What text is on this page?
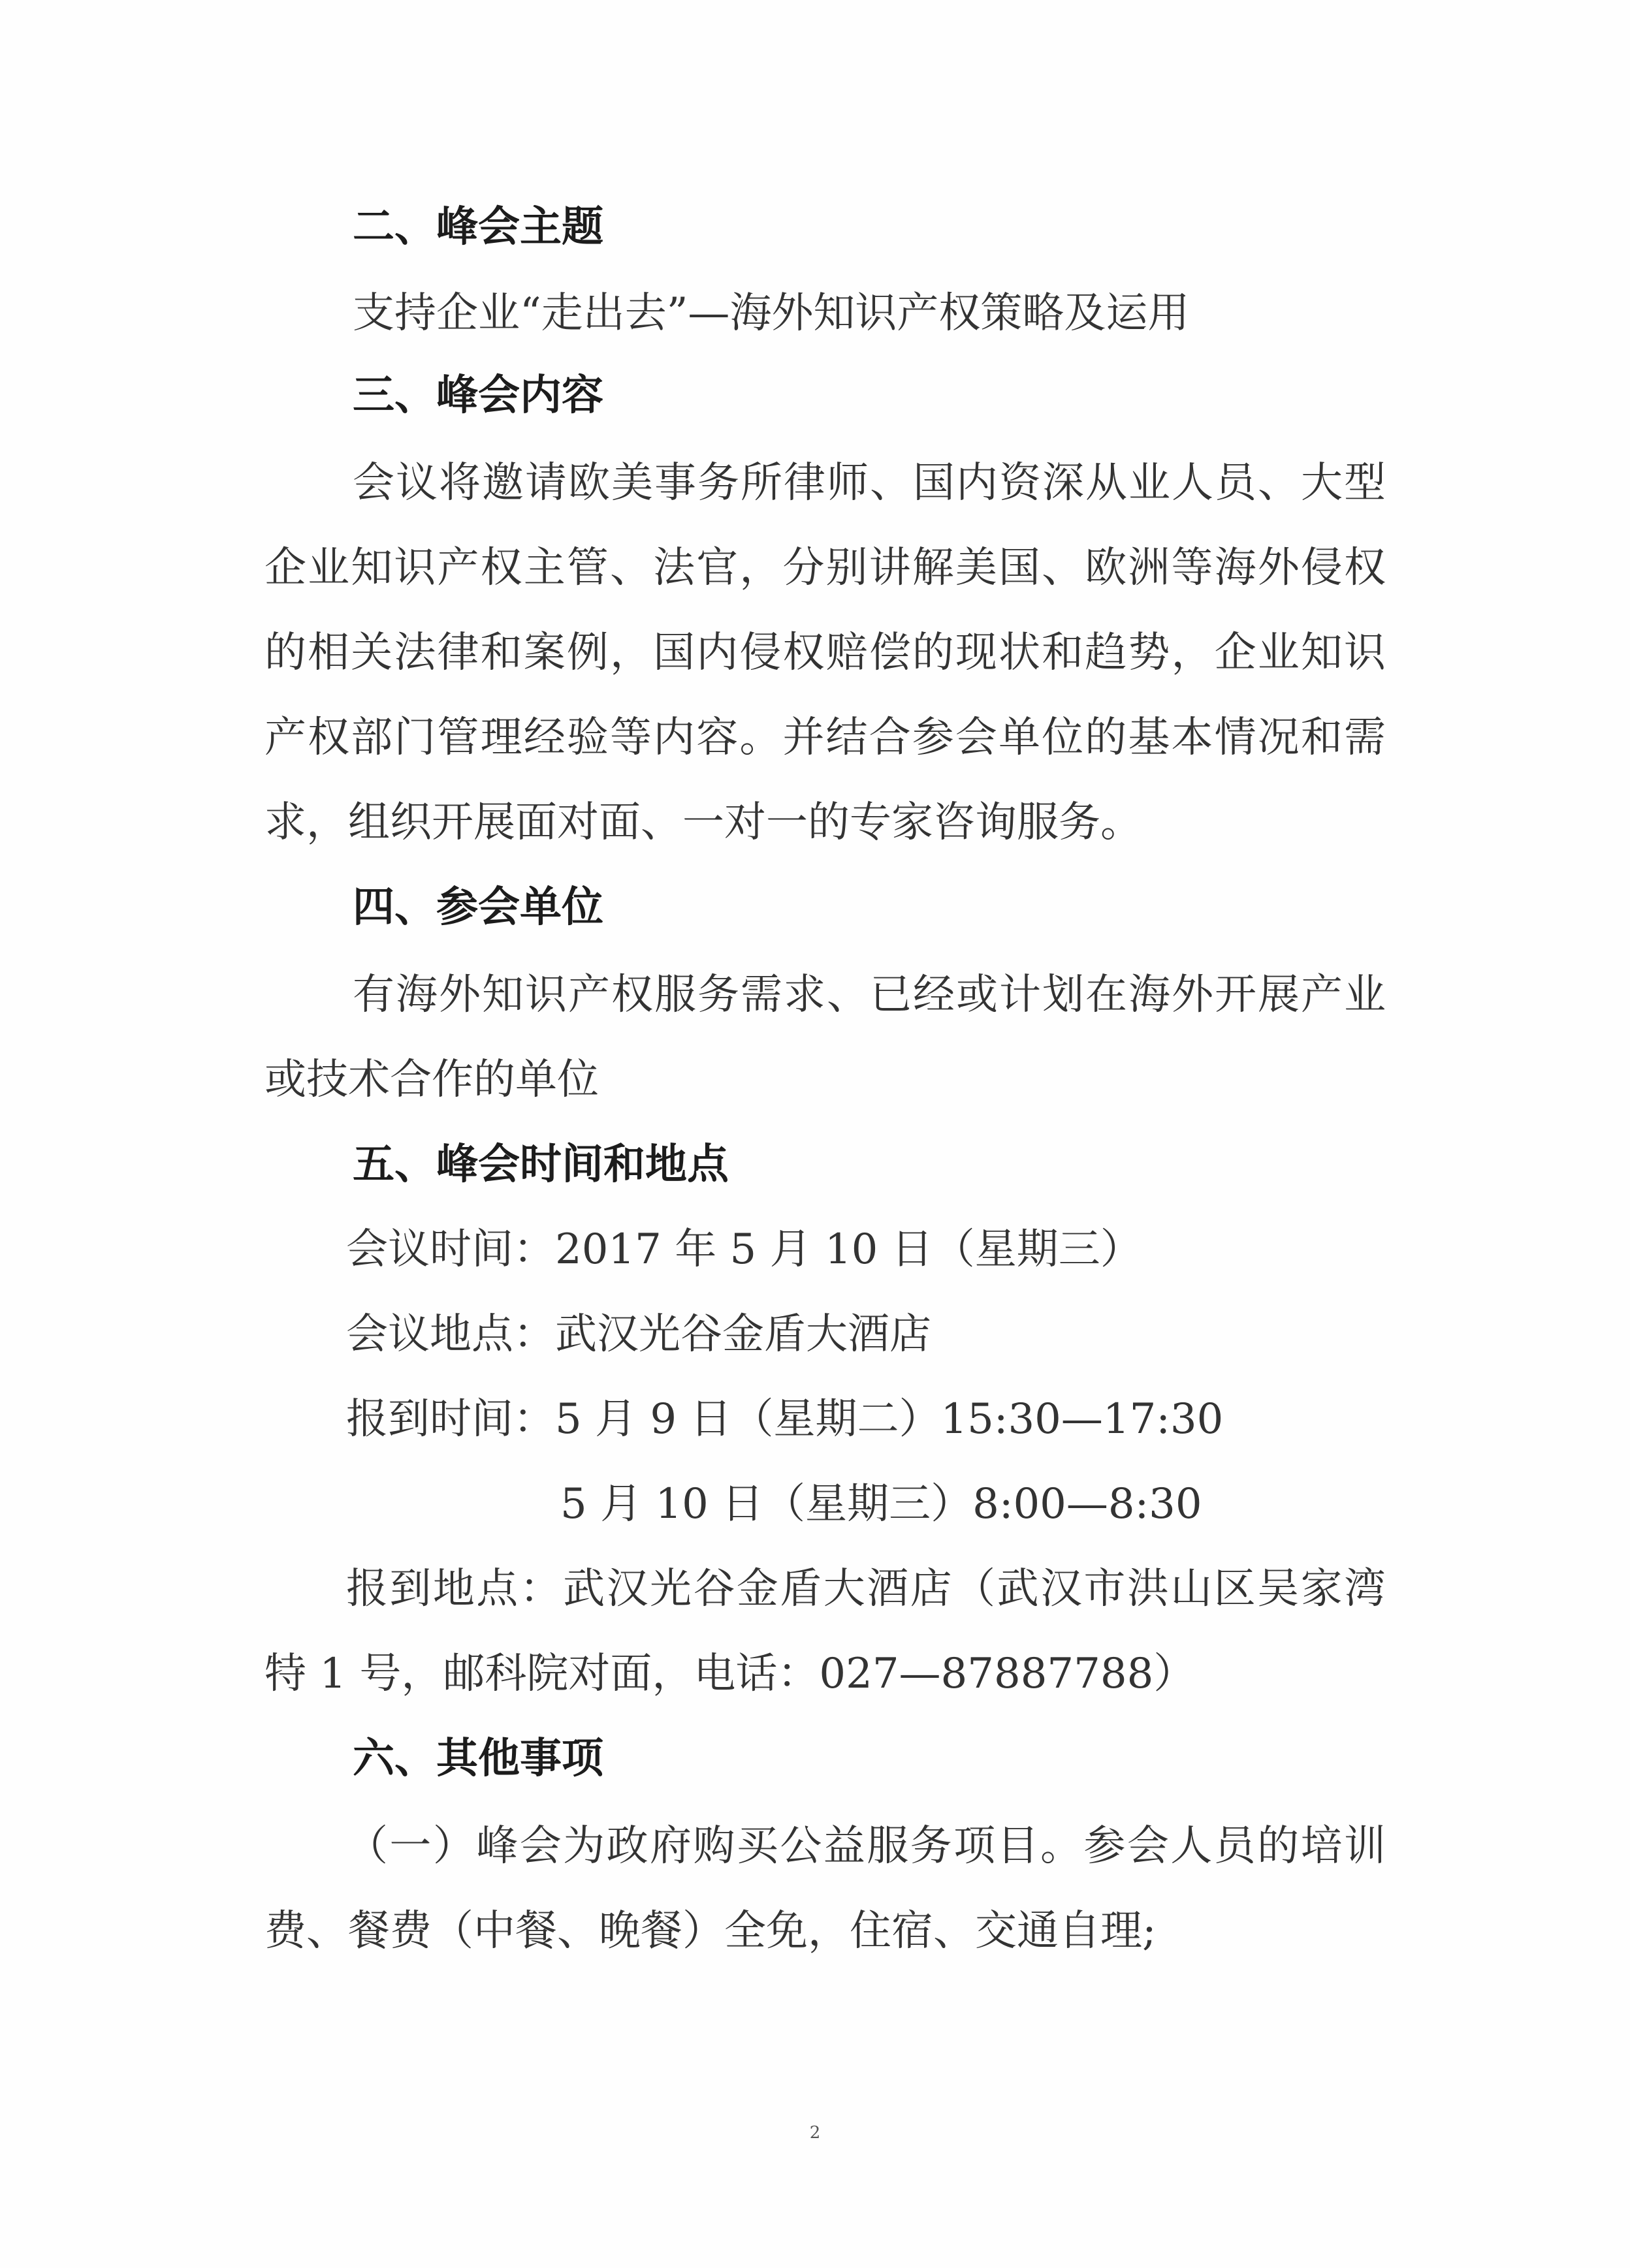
二、峰会主题
支持企业“走出去”—海外知识产权策略及运用
三、峰会内容
会议将邀请欧美事务所律师、国内资深从业人员、大型
企业知识产权主管、法官，分别讲解美国、欧洲等海外侵权
的相关法律和案例，国内侵权赔偿的现状和趋势，企业知识
产权部门管理经验等内容。并结合参会单位的基本情况和需
求，组织开展面对面、一对一的专家咨询服务。
四、参会单位
有海外知识产权服务需求、已经或计划在海外开展产业
或技术合作的单位
五、峰会时间和地点
会议时间：2017 年 5 月 10 日（星期三）
会议地点：武汉光谷金盾大酒店
报到时间：5 月 9 日（星期二）15:30—17:30
5 月 10 日（星期三）8:00—8:30
报到地点：武汉光谷金盾大酒店（武汉市洪山区吴家湾
特 1 号，邮科院对面，电话：027—87887788）
六、其他事项
（一）峰会为政府购买公益服务项目。参会人员的培训
费、餐费（中餐、晚餐）全免，住宿、交通自理;
2
